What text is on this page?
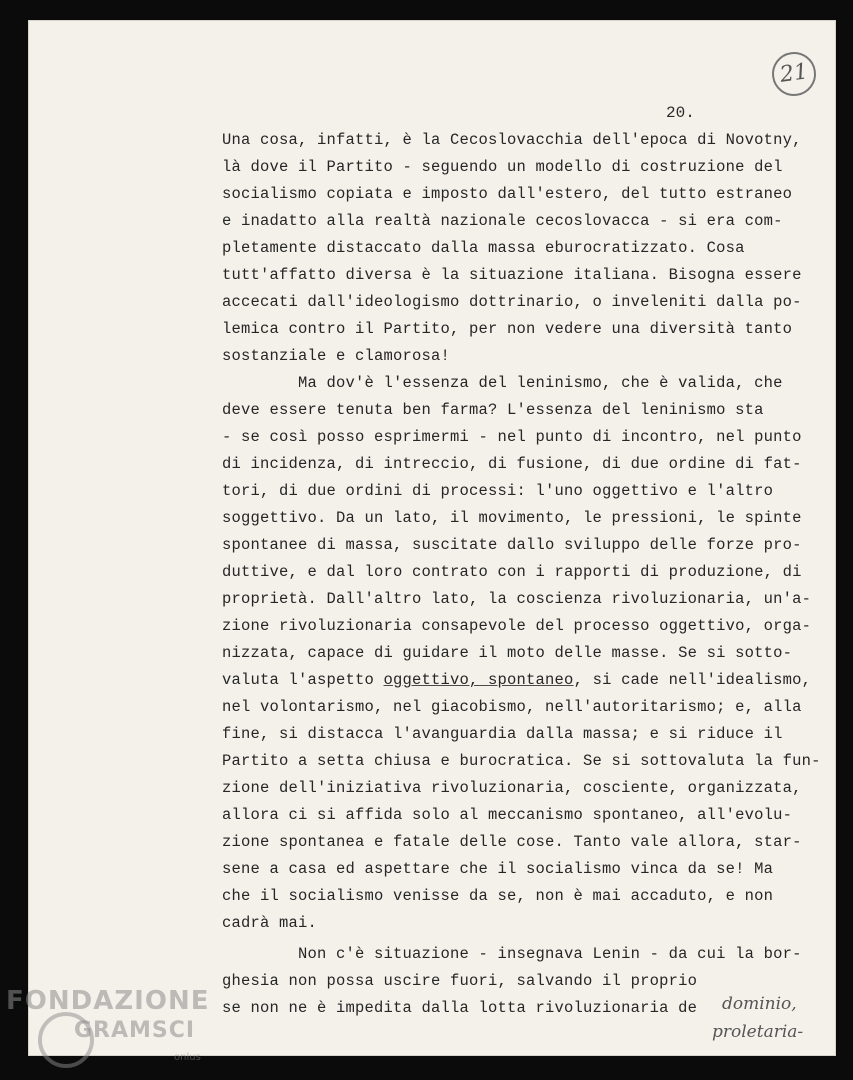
21
20.
Una cosa, infatti, è la Cecoslovacchia dell'epoca di Novotny,
là dove il Partito - seguendo un modello di costruzione del
socialismo copiata e imposto dall'estero, del tutto estraneo
e inadatto alla realtà nazionale cecoslovacca - si era com-
pletamente distaccato dalla massa eburocratizzato. Cosa
tutt'affatto diversa è la situazione italiana. Bisogna essere
accecati dall'ideologismo dottrinario, o inveleniti dalla po-
lemica contro il Partito, per non vedere una diversità tanto
sostanziale e clamorosa!
Ma dov'è l'essenza del leninismo, che è valida, che
deve essere tenuta ben farma? L'essenza del leninismo sta
- se così posso esprimermi - nel punto di incontro, nel punto
di incidenza, di intreccio, di fusione, di due ordine di fat-
tori, di due ordini di processi: l'uno oggettivo e l'altro
soggettivo. Da un lato, il movimento, le pressioni, le spinte
spontanee di massa, suscitate dallo sviluppo delle forze pro-
duttive, e dal loro contrato con i rapporti di produzione, di
proprietà. Dall'altro lato, la coscienza rivoluzionaria, un'a-
zione rivoluzionaria consapevole del processo oggettivo, orga-
nizzata, capace di guidare il moto delle masse. Se si sotto-
valuta l'aspetto oggettivo, spontaneo, si cade nell'idealismo,
nel volontarismo, nel giacobismo, nell'autoritarismo; e, alla
fine, si distacca l'avanguardia dalla massa; e si riduce il
Partito a setta chiusa e burocratica. Se si sottovaluta la fun-
zione dell'iniziativa rivoluzionaria, cosciente, organizzata,
allora ci si affida solo al meccanismo spontaneo, all'evolu-
zione spontanea e fatale delle cose. Tanto vale allora, star-
sene a casa ed aspettare che il socialismo vinca da se! Ma
che il socialismo venisse da se, non è mai accaduto, e non
cadrà mai.
Non c'è situazione - insegnava Lenin - da cui la bor-
ghesia non possa uscire fuori, salvando il proprio
se non ne è impedita dalla lotta rivoluzionaria de dominio,
proletaria-
FONDAZIONE
GRAMSCI
onlus
